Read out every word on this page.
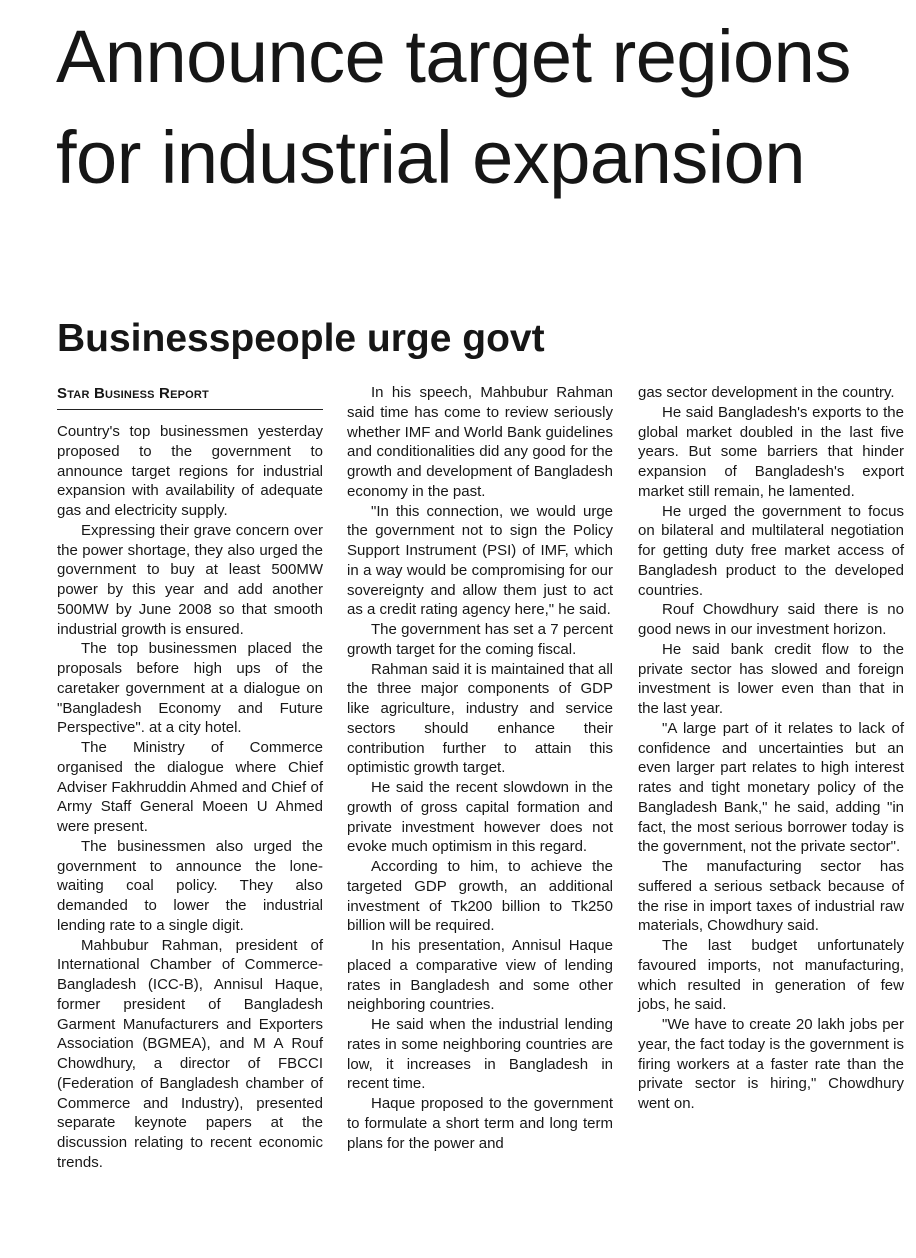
Announce target regions for industrial expansion
Businesspeople urge govt
Star Business Report

Country's top businessmen yesterday proposed to the government to announce target regions for industrial expansion with availability of adequate gas and electricity supply.

Expressing their grave concern over the power shortage, they also urged the government to buy at least 500MW power by this year and add another 500MW by June 2008 so that smooth industrial growth is ensured.

The top businessmen placed the proposals before high ups of the caretaker government at a dialogue on "Bangladesh Economy and Future Perspective". at a city hotel.

The Ministry of Commerce organised the dialogue where Chief Adviser Fakhruddin Ahmed and Chief of Army Staff General Moeen U Ahmed were present.

The businessmen also urged the government to announce the lone-waiting coal policy. They also demanded to lower the industrial lending rate to a single digit.

Mahbubur Rahman, president of International Chamber of Commerce-Bangladesh (ICC-B), Annisul Haque, former president of Bangladesh Garment Manufacturers and Exporters Association (BGMEA), and M A Rouf Chowdhury, a director of FBCCI (Federation of Bangladesh chamber of Commerce and Industry), presented separate keynote papers at the discussion relating to recent economic trends.

In his speech, Mahbubur Rahman said time has come to review seriously whether IMF and World Bank guidelines and conditionalities did any good for the growth and development of Bangladesh economy in the past.

"In this connection, we would urge the government not to sign the Policy Support Instrument (PSI) of IMF, which in a way would be compromising for our sovereignty and allow them just to act as a credit rating agency here," he said.

The government has set a 7 percent growth target for the coming fiscal.

Rahman said it is maintained that all the three major components of GDP like agriculture, industry and service sectors should enhance their contribution further to attain this optimistic growth target.

He said the recent slowdown in the growth of gross capital formation and private investment however does not evoke much optimism in this regard.

According to him, to achieve the targeted GDP growth, an additional investment of Tk200 billion to Tk250 billion will be required.

In his presentation, Annisul Haque placed a comparative view of lending rates in Bangladesh and some other neighboring countries.

He said when the industrial lending rates in some neighboring countries are low, it increases in Bangladesh in recent time.

Haque proposed to the government to formulate a short term and long term plans for the power and

gas sector development in the country.

He said Bangladesh's exports to the global market doubled in the last five years. But some barriers that hinder expansion of Bangladesh's export market still remain, he lamented.

He urged the government to focus on bilateral and multilateral negotiation for getting duty free market access of Bangladesh product to the developed countries.

Rouf Chowdhury said there is no good news in our investment horizon.

He said bank credit flow to the private sector has slowed and foreign investment is lower even than that in the last year.

"A large part of it relates to lack of confidence and uncertainties but an even larger part relates to high interest rates and tight monetary policy of the Bangladesh Bank," he said, adding "in fact, the most serious borrower today is the government, not the private sector".

The manufacturing sector has suffered a serious setback because of the rise in import taxes of industrial raw materials, Chowdhury said.

The last budget unfortunately favoured imports, not manufacturing, which resulted in generation of few jobs, he said.

"We have to create 20 lakh jobs per year, the fact today is the government is firing workers at a faster rate than the private sector is hiring," Chowdhury went on.
